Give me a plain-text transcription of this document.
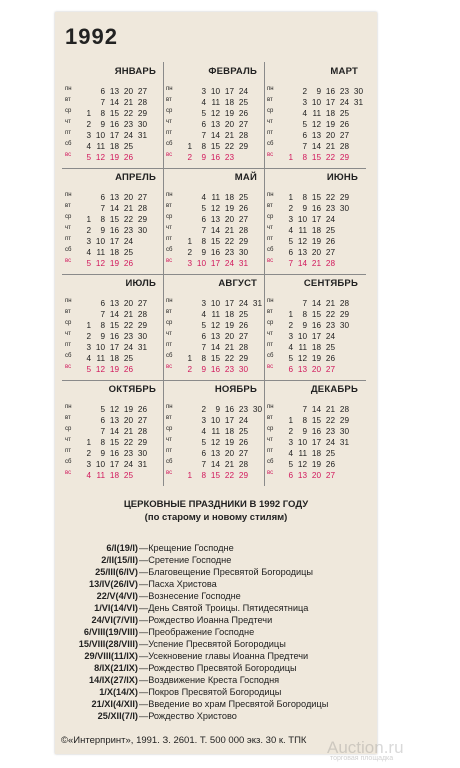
1992
ЯНВАРЬ
пн
вт
ср
чт
пт
сб
вс
6 13 20 27
7 14 21 28
1 8 15 22 29
2 9 16 23 30
3 10 17 24 31
4 11 18 25
5 12 19 26
ФЕВРАЛЬ
пн
вт
ср
чт
пт
сб
вс
3 10 17 24
4 11 18 25
5 12 19 26
6 13 20 27
7 14 21 28
1 8 15 22 29
2 9 16 23
МАРТ
пн
вт
ср
чт
пт
сб
вс
2 9 16 23 30
3 10 17 24 31
4 11 18 25
5 12 19 26
6 13 20 27
7 14 21 28
1 8 15 22 29
АПРЕЛЬ
пн
вт
ср
чт
пт
сб
вс
6 13 20 27
7 14 21 28
1 8 15 22 29
2 9 16 23 30
3 10 17 24
4 11 18 25
5 12 19 26
МАЙ
пн
вт
ср
чт
пт
сб
вс
4 11 18 25
5 12 19 26
6 13 20 27
7 14 21 28
1 8 15 22 29
2 9 16 23 30
3 10 17 24 31
ИЮНЬ
пн
вт
ср
чт
пт
сб
вс
1 8 15 22 29
2 9 16 23 30
3 10 17 24
4 11 18 25
5 12 19 26
6 13 20 27
7 14 21 28
ИЮЛЬ
пн
вт
ср
чт
пт
сб
вс
6 13 20 27
7 14 21 28
1 8 15 22 29
2 9 16 23 30
3 10 17 24 31
4 11 18 25
5 12 19 26
АВГУСТ
пн
вт
ср
чт
пт
сб
вс
3 10 17 24 31
4 11 18 25
5 12 19 26
6 13 20 27
7 14 21 28
1 8 15 22 29
2 9 16 23 30
СЕНТЯБРЬ
пн
вт
ср
чт
пт
сб
вс
7 14 21 28
1 8 15 22 29
2 9 16 23 30
3 10 17 24
4 11 18 25
5 12 19 26
6 13 20 27
ОКТЯБРЬ
пн
вт
ср
чт
пт
сб
вс
5 12 19 26
6 13 20 27
7 14 21 28
1 8 15 22 29
2 9 16 23 30
3 10 17 24 31
4 11 18 25
НОЯБРЬ
пн
вт
ср
чт
пт
сб
вс
2 9 16 23 30
3 10 17 24
4 11 18 25
5 12 19 26
6 13 20 27
7 14 21 28
1 8 15 22 29
ДЕКАБРЬ
пн
вт
ср
чт
пт
сб
вс
7 14 21 28
1 8 15 22 29
2 9 16 23 30
3 10 17 24 31
4 11 18 25
5 12 19 26
6 13 20 27
ЦЕРКОВНЫЕ ПРАЗДНИКИ В 1992 ГОДУ
(по старому и новому стилям)
6/I(19/I)—Крещение Господне
2/II(15/II)—Сретение Господне
25/III(6/IV)—Благовещение Пресвятой Богородицы
13/IV(26/IV)—Пасха Христова
22/V(4/VI)—Вознесение Господне
1/VI(14/VI)—День Святой Троицы. Пятидесятница
24/VI(7/VII)—Рождество Иоанна Предтечи
6/VIII(19/VIII)—Преображение Господне
15/VIII(28/VIII)—Успение Пресвятой Богородицы
29/VIII(11/IX)—Усекновение главы Иоанна Предтечи
8/IX(21/IX)—Рождество Пресвятой Богородицы
14/IX(27/IX)—Воздвижение Креста Господня
1/X(14/X)—Покров Пресвятой Богородицы
21/XI(4/XII)—Введение во храм Пресвятой Богородицы
25/XII(7/I)—Рождество Христово
©«Интерпринт», 1991. З. 2601. Т. 500 000 экз. 30 к. ТПК Auction.ru
торговая площадка
